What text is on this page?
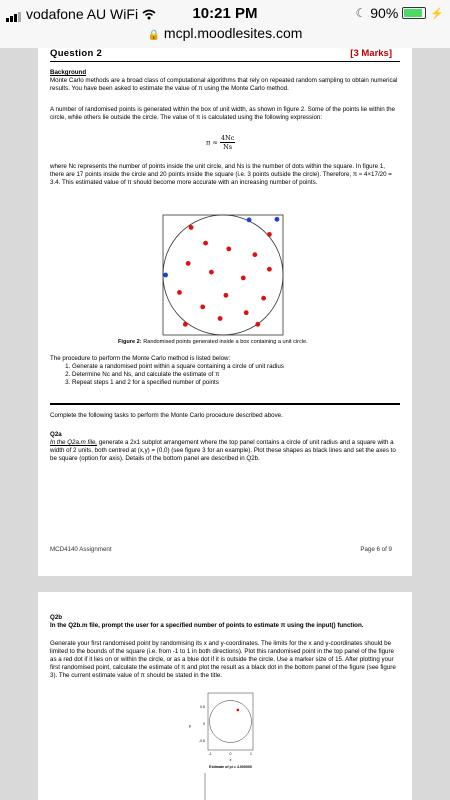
vodafone AU WiFi	10:21 PM	☾ 90%	⚡
🔒 mcpl.moodlesites.com
Question 2	[3 Marks]
Background
Monte Carlo methods are a broad class of computational algorithms that rely on repeated random sampling to obtain numerical results. You have been asked to estimate the value of π using the Monte Carlo method.
A number of randomised points is generated within the box of unit width, as shown in figure 2. Some of the points lie within the circle, while others lie outside the circle. The value of π is calculated using the following expression:
$\pi \approx \frac{4Nc}{Ns}$
where Nc represents the number of points inside the unit circle, and Ns is the number of dots within the square. In figure 1, there are 17 points inside the circle and 20 points inside the square (i.e. 3 points outside the circle). Therefore, π ≈ 4×17/20 = 3.4. This estimated value of π should become more accurate with an increasing number of points.
Figure 2: Randomised points generated inside a box containing a unit circle.
The procedure to perform the Monte Carlo method is listed below:
1. Generate a randomised point within a square containing a circle of unit radius
2. Determine Nc and Ns, and calculate the estimate of π
3. Repeat steps 1 and 2 for a specified number of points
Complete the following tasks to perform the Monte Carlo procedure described above.
Q2a
In the Q2a.m file, generate a 2x1 subplot arrangement where the top panel contains a circle of unit radius and a square with a width of 2 units, both centred at (x,y) = (0,0) (see figure 3 for an example). Plot these shapes as black lines and set the axes to be square (option for axis). Details of the bottom panel are described in Q2b.
MCD4140 Assignment	Page 6 of 9
Q2b
In the Q2b.m file, prompt the user for a specified number of points to estimate π using the input() function.
Generate your first randomised point by randomising its x and y-coordinates. The limits for the x and y-coordinates should be limited to the bounds of the square (i.e. from -1 to 1 in both directions). Plot this randomised point in the top panel of the figure as a red dot if it lies on or within the circle, or as a blue dot if it is outside the circle. Use a marker size of 15. After plotting your first randomised point, calculate the estimate of π and plot the result as a black dot in the bottom panel of the figure (see figure 3). The current estimate value of π should be stated in the title.
y
0.5
0
-0.5
-1	0	1
x
Estimate of pi = 4.000000
